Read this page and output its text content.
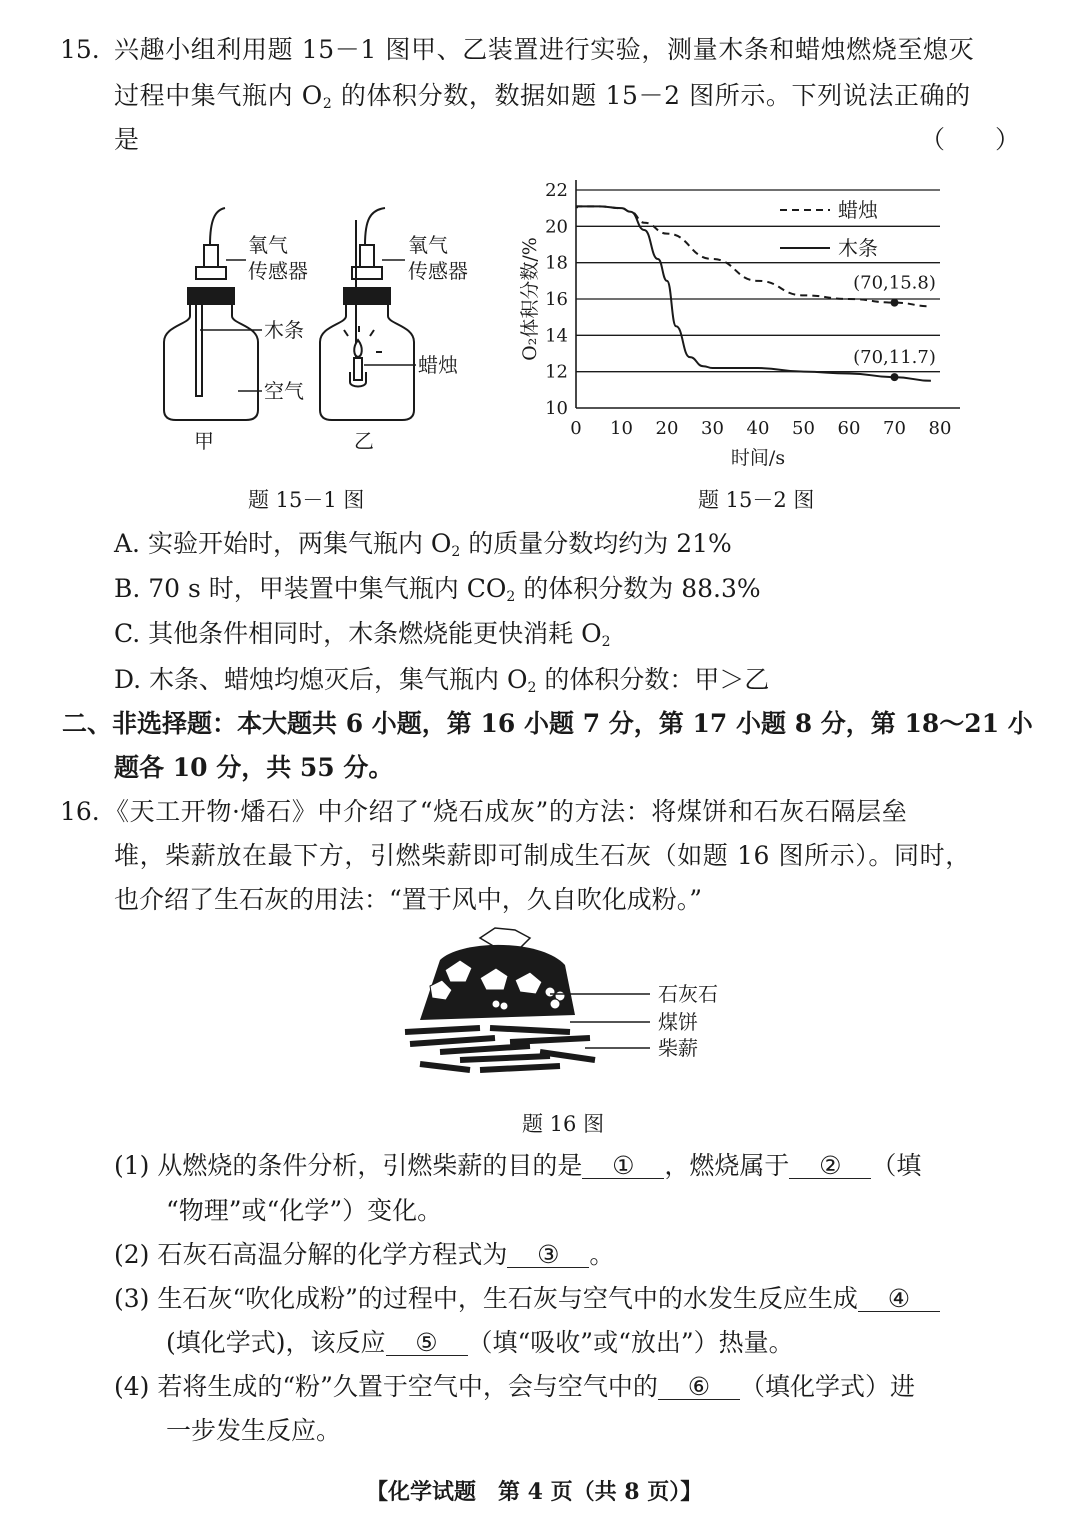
15. 兴趣小组利用题 15－1 图甲、乙装置进行实验，测量木条和蜡烛燃烧至熄灭
过程中集气瓶内 $O_2$ 的体积分数，数据如题 15－2 图所示。下列说法正确的
是	（　　）
氧气
传感器
木条
空气
氧气
传感器
蜡烛
甲	乙
题 15－1 图
10
12
14
16
18
20
22
0 10 20 30 40 50 60 70 80
时间/s
O₂体积分数/%
蜡烛
木条
(70,15.8)
(70,11.7)
题 15－2 图
A. 实验开始时，两集气瓶内 $O_2$ 的质量分数均约为 21%
B. 70 s 时，甲装置中集气瓶内 $CO_2$ 的体积分数为 88.3%
C. 其他条件相同时，木条燃烧能更快消耗 $O_2$
D. 木条、蜡烛均熄灭后，集气瓶内 $O_2$ 的体积分数：甲＞乙
二、非选择题：本大题共 6 小题，第 16 小题 7 分，第 17 小题 8 分，第 18～21 小
题各 10 分，共 55 分。
16. 《天工开物·燔石》中介绍了“烧石成灰”的方法：将煤饼和石灰石隔层垒
堆，柴薪放在最下方，引燃柴薪即可制成生石灰（如题 16 图所示）。同时，
也介绍了生石灰的用法：“置于风中，久自吹化成粉。”
石灰石
煤饼
柴薪
题 16 图
(1) 从燃烧的条件分析，引燃柴薪的目的是 ① ，燃烧属于 ② （填
“物理”或“化学”）变化。
(2) 石灰石高温分解的化学方程式为 ③ 。
(3) 生石灰“吹化成粉”的过程中，生石灰与空气中的水发生反应生成 ④
(填化学式)，该反应 ⑤ （填“吸收”或“放出”）热量。
(4) 若将生成的“粉”久置于空气中，会与空气中的 ⑥ （填化学式）进
一步发生反应。
【化学试题　第 4 页（共 8 页）】
